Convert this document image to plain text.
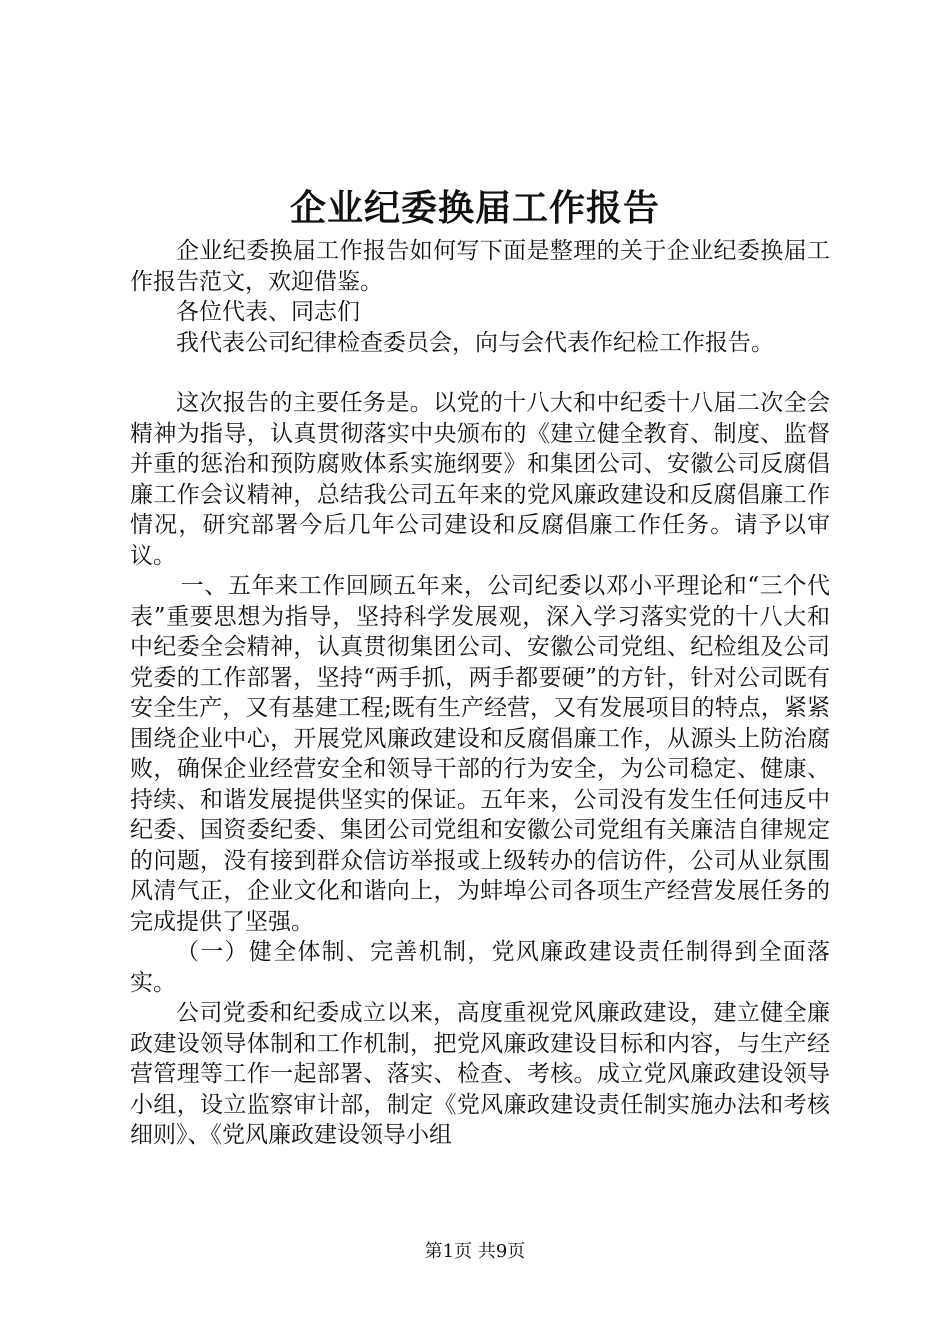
企业纪委换届工作报告

企业纪委换届工作报告如何写下面是整理的关于企业纪委换届工作报告范文，欢迎借鉴。

各位代表、同志们

我代表公司纪律检查委员会，向与会代表作纪检工作报告。

这次报告的主要任务是。以党的十八大和中纪委十八届二次全会精神为指导，认真贯彻落实中央颁布的《建立健全教育、制度、监督并重的惩治和预防腐败体系实施纲要》和集团公司、安徽公司反腐倡廉工作会议精神，总结我公司五年来的党风廉政建设和反腐倡廉工作情况，研究部署今后几年公司建设和反腐倡廉工作任务。请予以审议。

一、五年来工作回顾五年来，公司纪委以邓小平理论和“三个代表”重要思想为指导，坚持科学发展观，深入学习落实党的十八大和中纪委全会精神，认真贯彻集团公司、安徽公司党组、纪检组及公司党委的工作部署，坚持“两手抓，两手都要硬”的方针，针对公司既有安全生产，又有基建工程;既有生产经营，又有发展项目的特点，紧紧围绕企业中心，开展党风廉政建设和反腐倡廉工作，从源头上防治腐败，确保企业经营安全和领导干部的行为安全，为公司稳定、健康、持续、和谐发展提供坚实的保证。五年来，公司没有发生任何违反中纪委、国资委纪委、集团公司党组和安徽公司党组有关廉洁自律规定的问题，没有接到群众信访举报或上级转办的信访件，公司从业氛围风清气正，企业文化和谐向上，为蚌埠公司各项生产经营发展任务的完成提供了坚强。

（一）健全体制、完善机制，党风廉政建设责任制得到全面落实。

公司党委和纪委成立以来，高度重视党风廉政建设，建立健全廉政建设领导体制和工作机制，把党风廉政建设目标和内容，与生产经营管理等工作一起部署、落实、检查、考核。成立党风廉政建设领导小组，设立监察审计部，制定《党风廉政建设责任制实施办法和考核细则》、《党风廉政建设领导小组

第1页 共9页
